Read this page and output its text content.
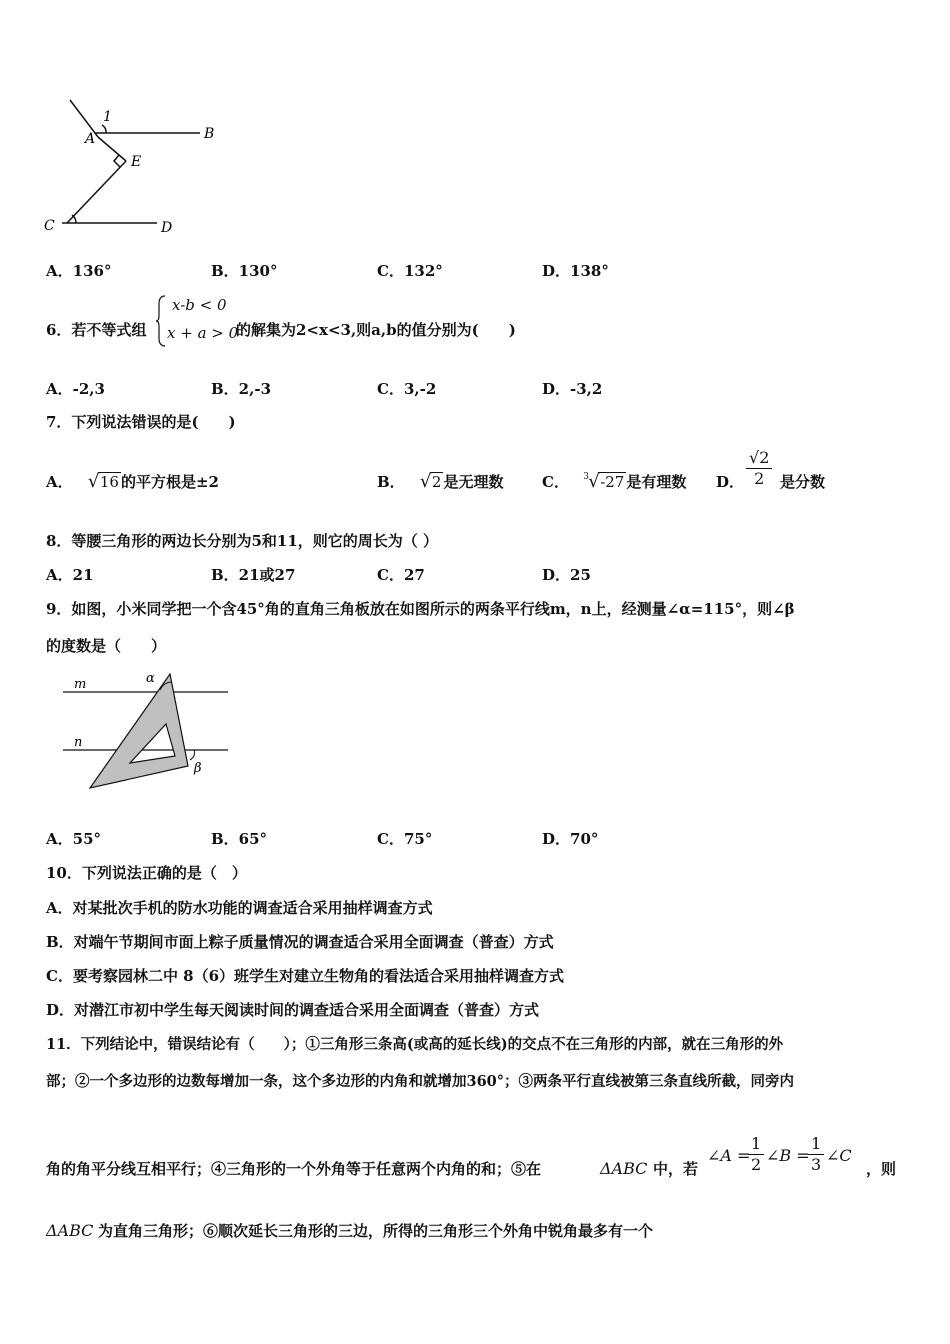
1
A	B
E
C	D
A．136°	B．130°	C．132°	D．138°
6．若不等式组
x-b < 0
x + a > 0
的解集为2<x<3,则a,b的值分别为(　　)
A．-2,3	B．2,-3	C．3,-2	D．-3,2
7．下列说法错误的是(　　)
A． √ 16 的平方根是±2	B． √ 2 是无理数	C． 3 √ -27 是有理数 D． $\frac{√2}{2}$ 是分数
8．等腰三角形的两边长分别为5和11，则它的周长为（ ）
A．21	B．21或27	C．27	D．25
9．如图，小米同学把一个含45°角的直角三角板放在如图所示的两条平行线m，n上，经测量∠α=115°，则∠β
的度数是（　　）
m
n
α
β
A．55°	B．65°	C．75°	D．70°
10．下列说法正确的是（　）
A．对某批次手机的防水功能的调查适合采用抽样调查方式
B．对端午节期间市面上粽子质量情况的调查适合采用全面调查（普查）方式
C．要考察园林二中 8（6）班学生对建立生物角的看法适合采用抽样调查方式
D．对潜江市初中学生每天阅读时间的调查适合采用全面调查（普查）方式
11．下列结论中，错误结论有（　　）；①三角形三条高(或高的延长线)的交点不在三角形的内部，就在三角形的外
部；②一个多边形的边数每增加一条，这个多边形的内角和就增加360°；③两条平行直线被第三条直线所截，同旁内
角的角平分线互相平行；④三角形的一个外角等于任意两个内角的和；⑤在	ΔABC 中，若
∠A =
$\frac{1}{2}$ ∠B =
$\frac{1}{3}$ ∠C
，则
ΔABC 为直角三角形；⑥顺次延长三角形的三边，所得的三角形三个外角中锐角最多有一个
